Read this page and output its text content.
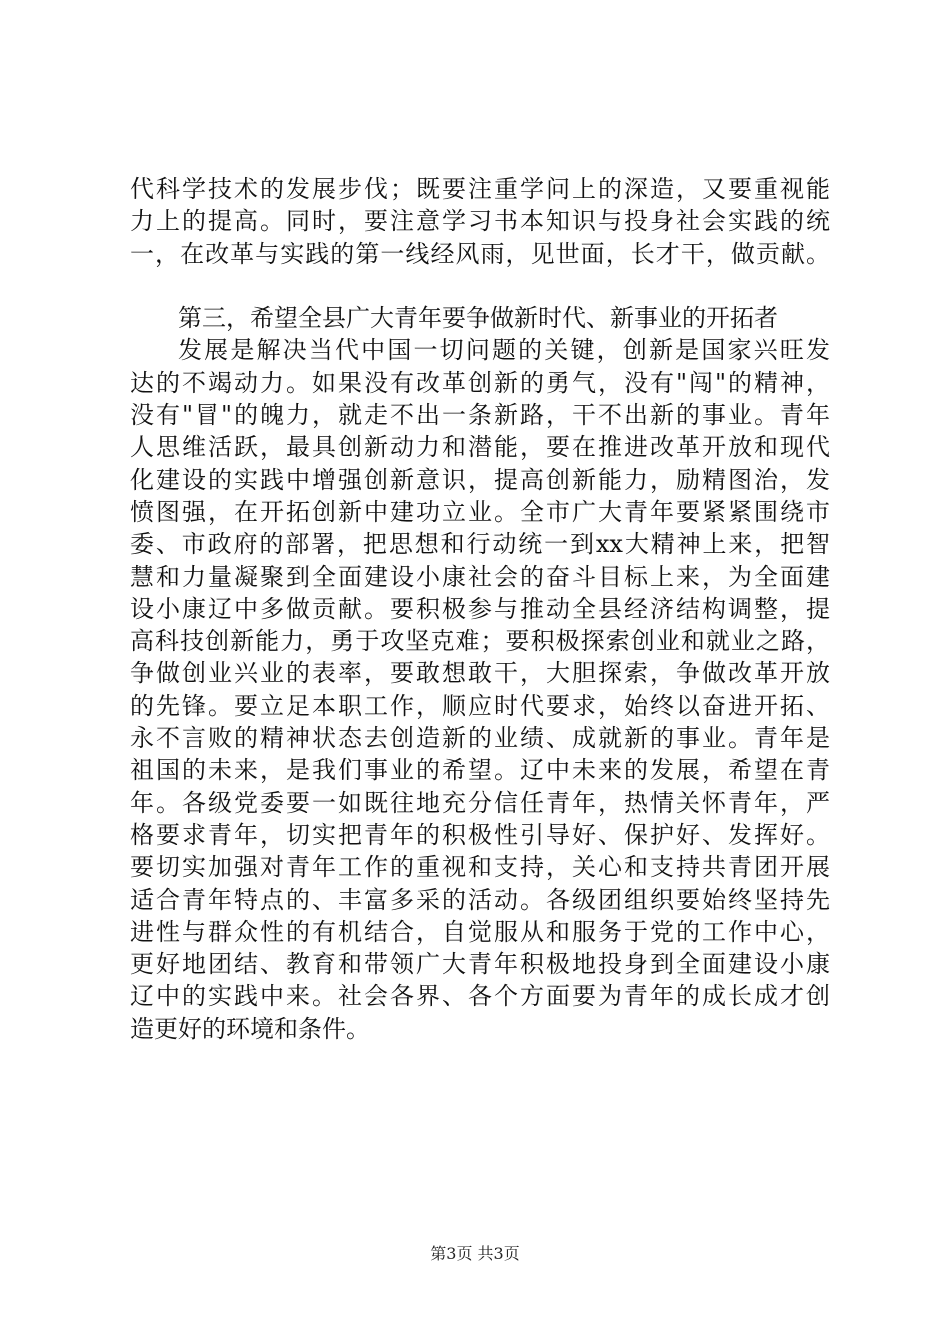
代科学技术的发展步伐；既要注重学问上的深造，又要重视能
力上的提高。同时，要注意学习书本知识与投身社会实践的统
一，在改革与实践的第一线经风雨，见世面，长才干，做贡献。
第三，希望全县广大青年要争做新时代、新事业的开拓者
发展是解决当代中国一切问题的关键，创新是国家兴旺发
达的不竭动力。如果没有改革创新的勇气，没有"闯"的精神，
没有"冒"的魄力，就走不出一条新路，干不出新的事业。青年
人思维活跃，最具创新动力和潜能，要在推进改革开放和现代
化建设的实践中增强创新意识，提高创新能力，励精图治，发
愤图强，在开拓创新中建功立业。全市广大青年要紧紧围绕市
委、市政府的部署，把思想和行动统一到xx大精神上来，把智
慧和力量凝聚到全面建设小康社会的奋斗目标上来，为全面建
设小康辽中多做贡献。要积极参与推动全县经济结构调整，提
高科技创新能力，勇于攻坚克难；要积极探索创业和就业之路，
争做创业兴业的表率，要敢想敢干，大胆探索，争做改革开放
的先锋。要立足本职工作，顺应时代要求，始终以奋进开拓、
永不言败的精神状态去创造新的业绩、成就新的事业。青年是
祖国的未来，是我们事业的希望。辽中未来的发展，希望在青
年。各级党委要一如既往地充分信任青年，热情关怀青年，严
格要求青年，切实把青年的积极性引导好、保护好、发挥好。
要切实加强对青年工作的重视和支持，关心和支持共青团开展
适合青年特点的、丰富多采的活动。各级团组织要始终坚持先
进性与群众性的有机结合，自觉服从和服务于党的工作中心，
更好地团结、教育和带领广大青年积极地投身到全面建设小康
辽中的实践中来。社会各界、各个方面要为青年的成长成才创
造更好的环境和条件。
第3页 共3页
